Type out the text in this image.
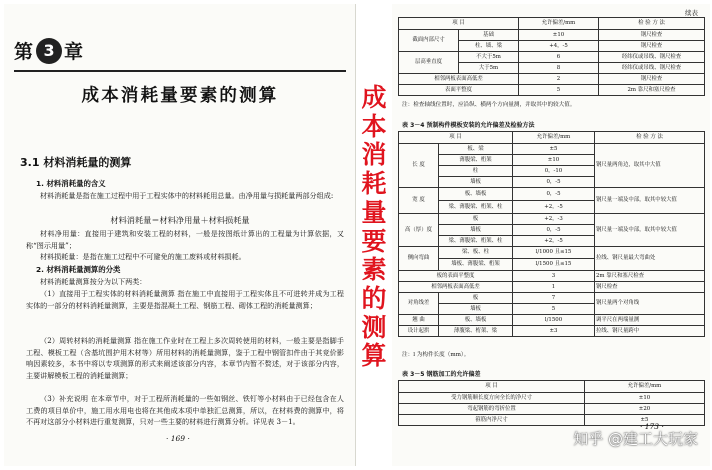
第 3 章
成本消耗量要素的测算
3.1 材料消耗量的测算
1. 材料消耗量的含义
材料消耗量是指在施工过程中用于工程实体中的材料耗用总量。由净用量与损耗量两部分组成:
材料消耗量＝材料净用量＋材料损耗量
材料净用量：直接用于建筑和安装工程的材料，一般是按图纸计算出的工程量为计算依据，又称“图示用量”；
材料损耗量：是指在施工过程中不可避免的施工废料或材料损耗。
2. 材料消耗量测算的分类
材料消耗量测算按分为以下两类：
（1）直接用于工程实体的材料消耗量测算 指在施工中直接用于工程实体且不可进转并成为工程实体的一部分的材料消耗量测算，主要是指混凝土工程、钢筋工程、砌体工程的消耗量测算；
（2）周转材料的消耗量测算 指在施工作业时在工程上多次周转使用的材料，一般主要是指脚手工程、模板工程（含基坑围护用木材等）所用材料的消耗量测算，鉴于工程中钢管扣件由于其竞价影响因素较多，本书中将以专项测算的形式来阐述该部分内容，本章节内暂不赘述，对于该部分内容，主要讲解模板工程的消耗量测算；
（3）补充说明 在本章节中，对于工程所消耗量的一些如钢丝、铁钉等小材料由于已经包含在人工费的项目单价中，施工用水用电也将在其他成本项中单独汇总测算，所以，在材料费的测算中，将不再对这部分小材料进行重复测算，只对一些主要的材料进行测算分析。详见表 3－1。
· 169 ·
成
本
消
耗
量
要
素
的
测
算
续表
项 目		允许偏差/mm	检 验 方 法
截面内部尺寸	基础	±10	钢尺检查
	柱、墙、梁	+4，-5	钢尺检查
层高垂直度	不大于5m	6	经纬仪或吊线、钢尺检查
	大于5m	8	经纬仪或吊线、钢尺检查
相邻两板表面高低差		2	钢尺检查
表面平整度		5	2m 靠尺和塞尺检查
注：检查轴线位置时，应沿纵、横两个方向量测，并取其中的较大值。
表 3－4 预制构件模板安装的允许偏差及检验方法
项 目		允许偏差/mm	检 验 方 法
长 度	板、梁	±5	钢尺量两角边，取其中大值
	薄腹梁、桁架	±10	
	柱	0，-10	
	墙板	0，-5	
宽 度	板、墙板	0，-5	钢尺量一端及中部，取其中较大值
	梁、薄腹梁、桁架、柱	+2，-5	
高（厚）度	板	+2，-3	钢尺量一端及中部，取其中较大值
	墙板	0，-5	
	梁、薄腹梁、桁架、柱	+2，-5	
侧向弯曲	梁、板、柱	l/1000 且≤15	拉线、钢尺量最大弯曲处
	墙板、薄腹梁、桁架	l/1500 且≤15	
板的表面平整度		3	2m 靠尺和塞尺检查
相邻两板表面高低差		1	钢尺检查
对角线差	板	7	钢尺量两个对角线
	墙板	5	
翘 曲	板、墙板	l/1500	调平尺在两端量测
设计起拱	薄腹梁、桁架、梁	±3	拉线、钢尺量跨中
注：l 为构件长度（mm）。
表 3－5 钢筋加工的允许偏差
项 目	允许偏差/mm
受力钢筋顺长度方向全长的净尺寸	±10
弯起钢筋的弯折位置	±20
箍筋内净尺寸	±5
· 173 ·
知乎 @建工大玩家
